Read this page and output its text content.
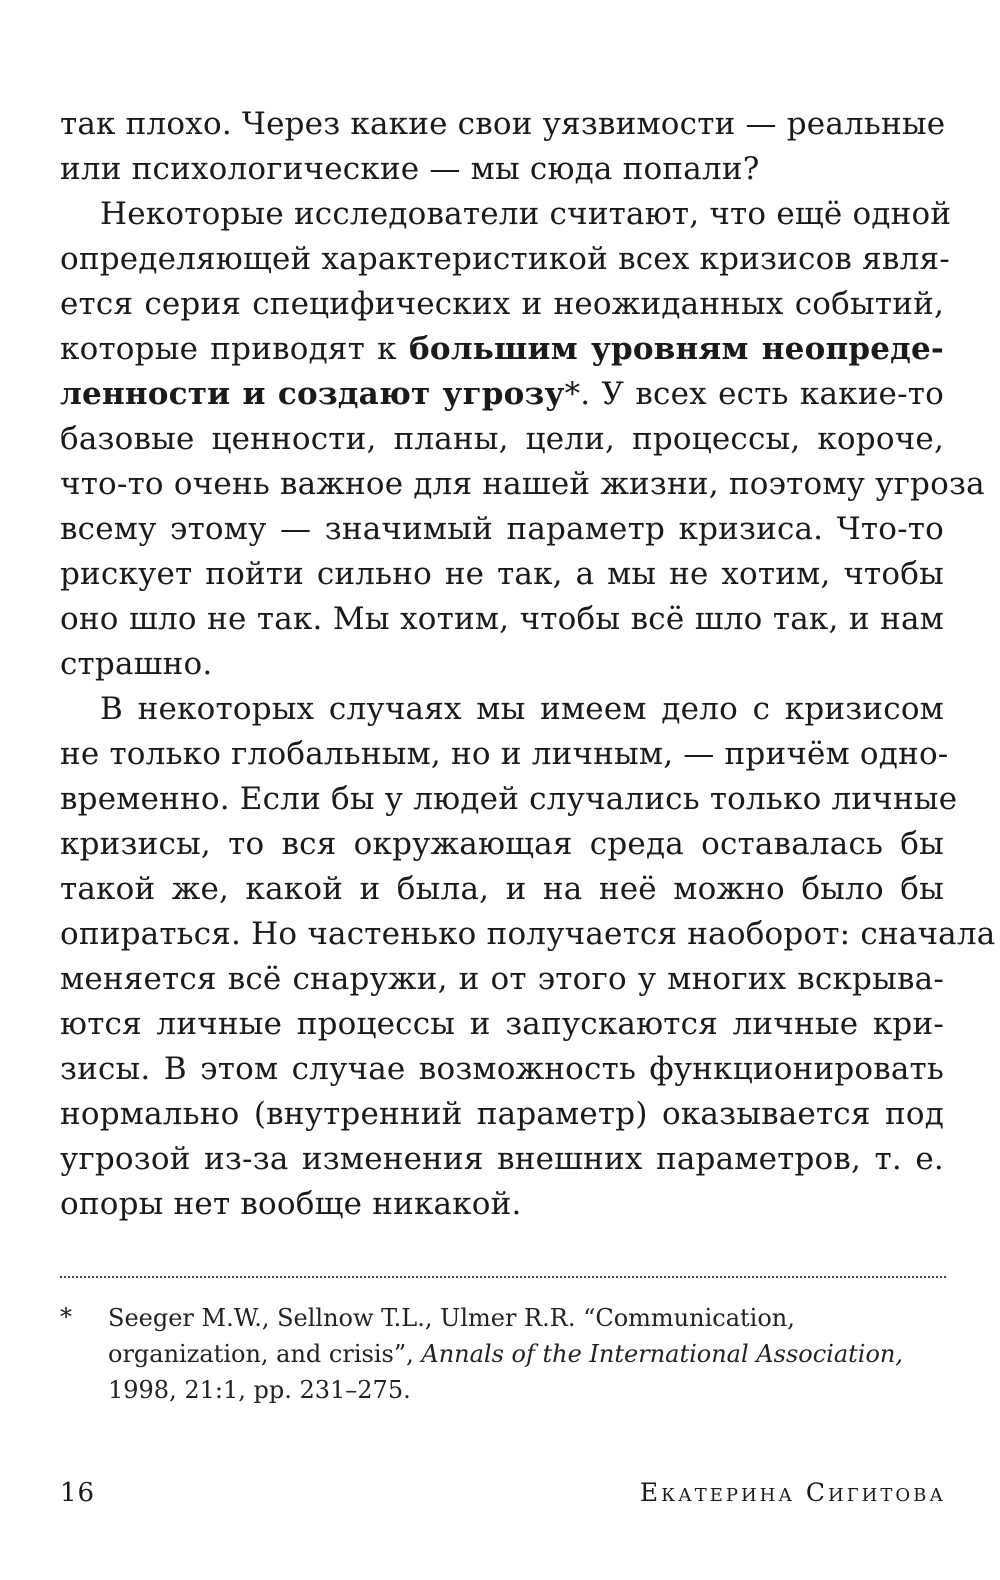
так плохо. Через какие свои уязвимости — реальные
или психологические — мы сюда попали?
Некоторые исследователи считают, что ещё одной
определяющей характеристикой всех кризисов явля-
ется серия специфических и неожиданных событий,
которые приводят к большим уровням неопреде-
ленности и создают угрозу*. У всех есть какие-то
базовые ценности, планы, цели, процессы, короче,
что-то очень важное для нашей жизни, поэтому угроза
всему этому — значимый параметр кризиса. Что-то
рискует пойти сильно не так, а мы не хотим, чтобы
оно шло не так. Мы хотим, чтобы всё шло так, и нам
страшно.
В некоторых случаях мы имеем дело с кризисом
не только глобальным, но и личным, — причём одно-
временно. Если бы у людей случались только личные
кризисы, то вся окружающая среда оставалась бы
такой же, какой и была, и на неё можно было бы
опираться. Но частенько получается наоборот: сначала
меняется всё снаружи, и от этого у многих вскрыва-
ются личные процессы и запускаются личные кри-
зисы. В этом случае возможность функционировать
нормально (внутренний параметр) оказывается под
угрозой из-за изменения внешних параметров, т. е.
опоры нет вообще никакой.
* Seeger M.W., Sellnow T.L., Ulmer R.R. “Communication,
organization, and crisis”, Annals of the International Association,
1998, 21:1, pp. 231–275.
16	Екатерина Сигитова
